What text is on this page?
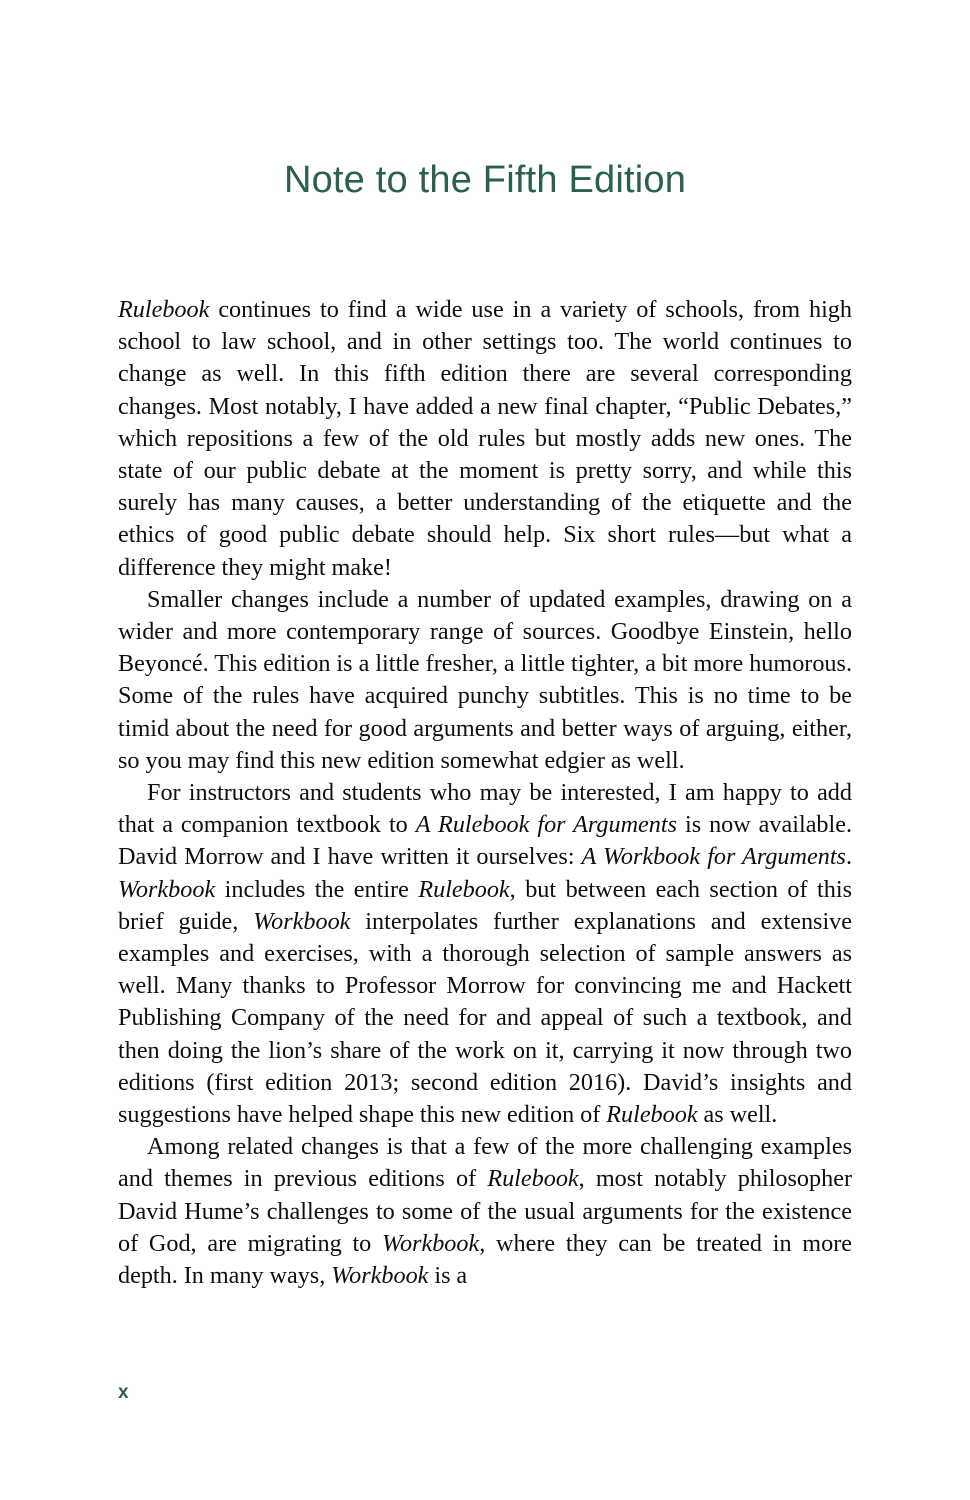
Note to the Fifth Edition

Rulebook continues to find a wide use in a variety of schools, from high school to law school, and in other settings too. The world continues to change as well. In this fifth edition there are several corresponding changes. Most notably, I have added a new final chapter, “Public Debates,” which repositions a few of the old rules but mostly adds new ones. The state of our public debate at the moment is pretty sorry, and while this surely has many causes, a better understanding of the etiquette and the ethics of good public debate should help. Six short rules—but what a difference they might make!

Smaller changes include a number of updated examples, drawing on a wider and more contemporary range of sources. Goodbye Einstein, hello Beyoncé. This edition is a little fresher, a little tighter, a bit more humorous. Some of the rules have acquired punchy subtitles. This is no time to be timid about the need for good arguments and better ways of arguing, either, so you may find this new edition somewhat edgier as well.

For instructors and students who may be interested, I am happy to add that a companion textbook to A Rulebook for Arguments is now available. David Morrow and I have written it ourselves: A Workbook for Arguments. Workbook includes the entire Rulebook, but between each section of this brief guide, Workbook interpolates further explanations and extensive examples and exercises, with a thorough selection of sample answers as well. Many thanks to Professor Morrow for convincing me and Hackett Publishing Company of the need for and appeal of such a textbook, and then doing the lion’s share of the work on it, carrying it now through two editions (first edition 2013; second edition 2016). David’s insights and suggestions have helped shape this new edition of Rulebook as well.

Among related changes is that a few of the more challenging examples and themes in previous editions of Rulebook, most notably philosopher David Hume’s challenges to some of the usual arguments for the existence of God, are migrating to Workbook, where they can be treated in more depth. In many ways, Workbook is a

x
